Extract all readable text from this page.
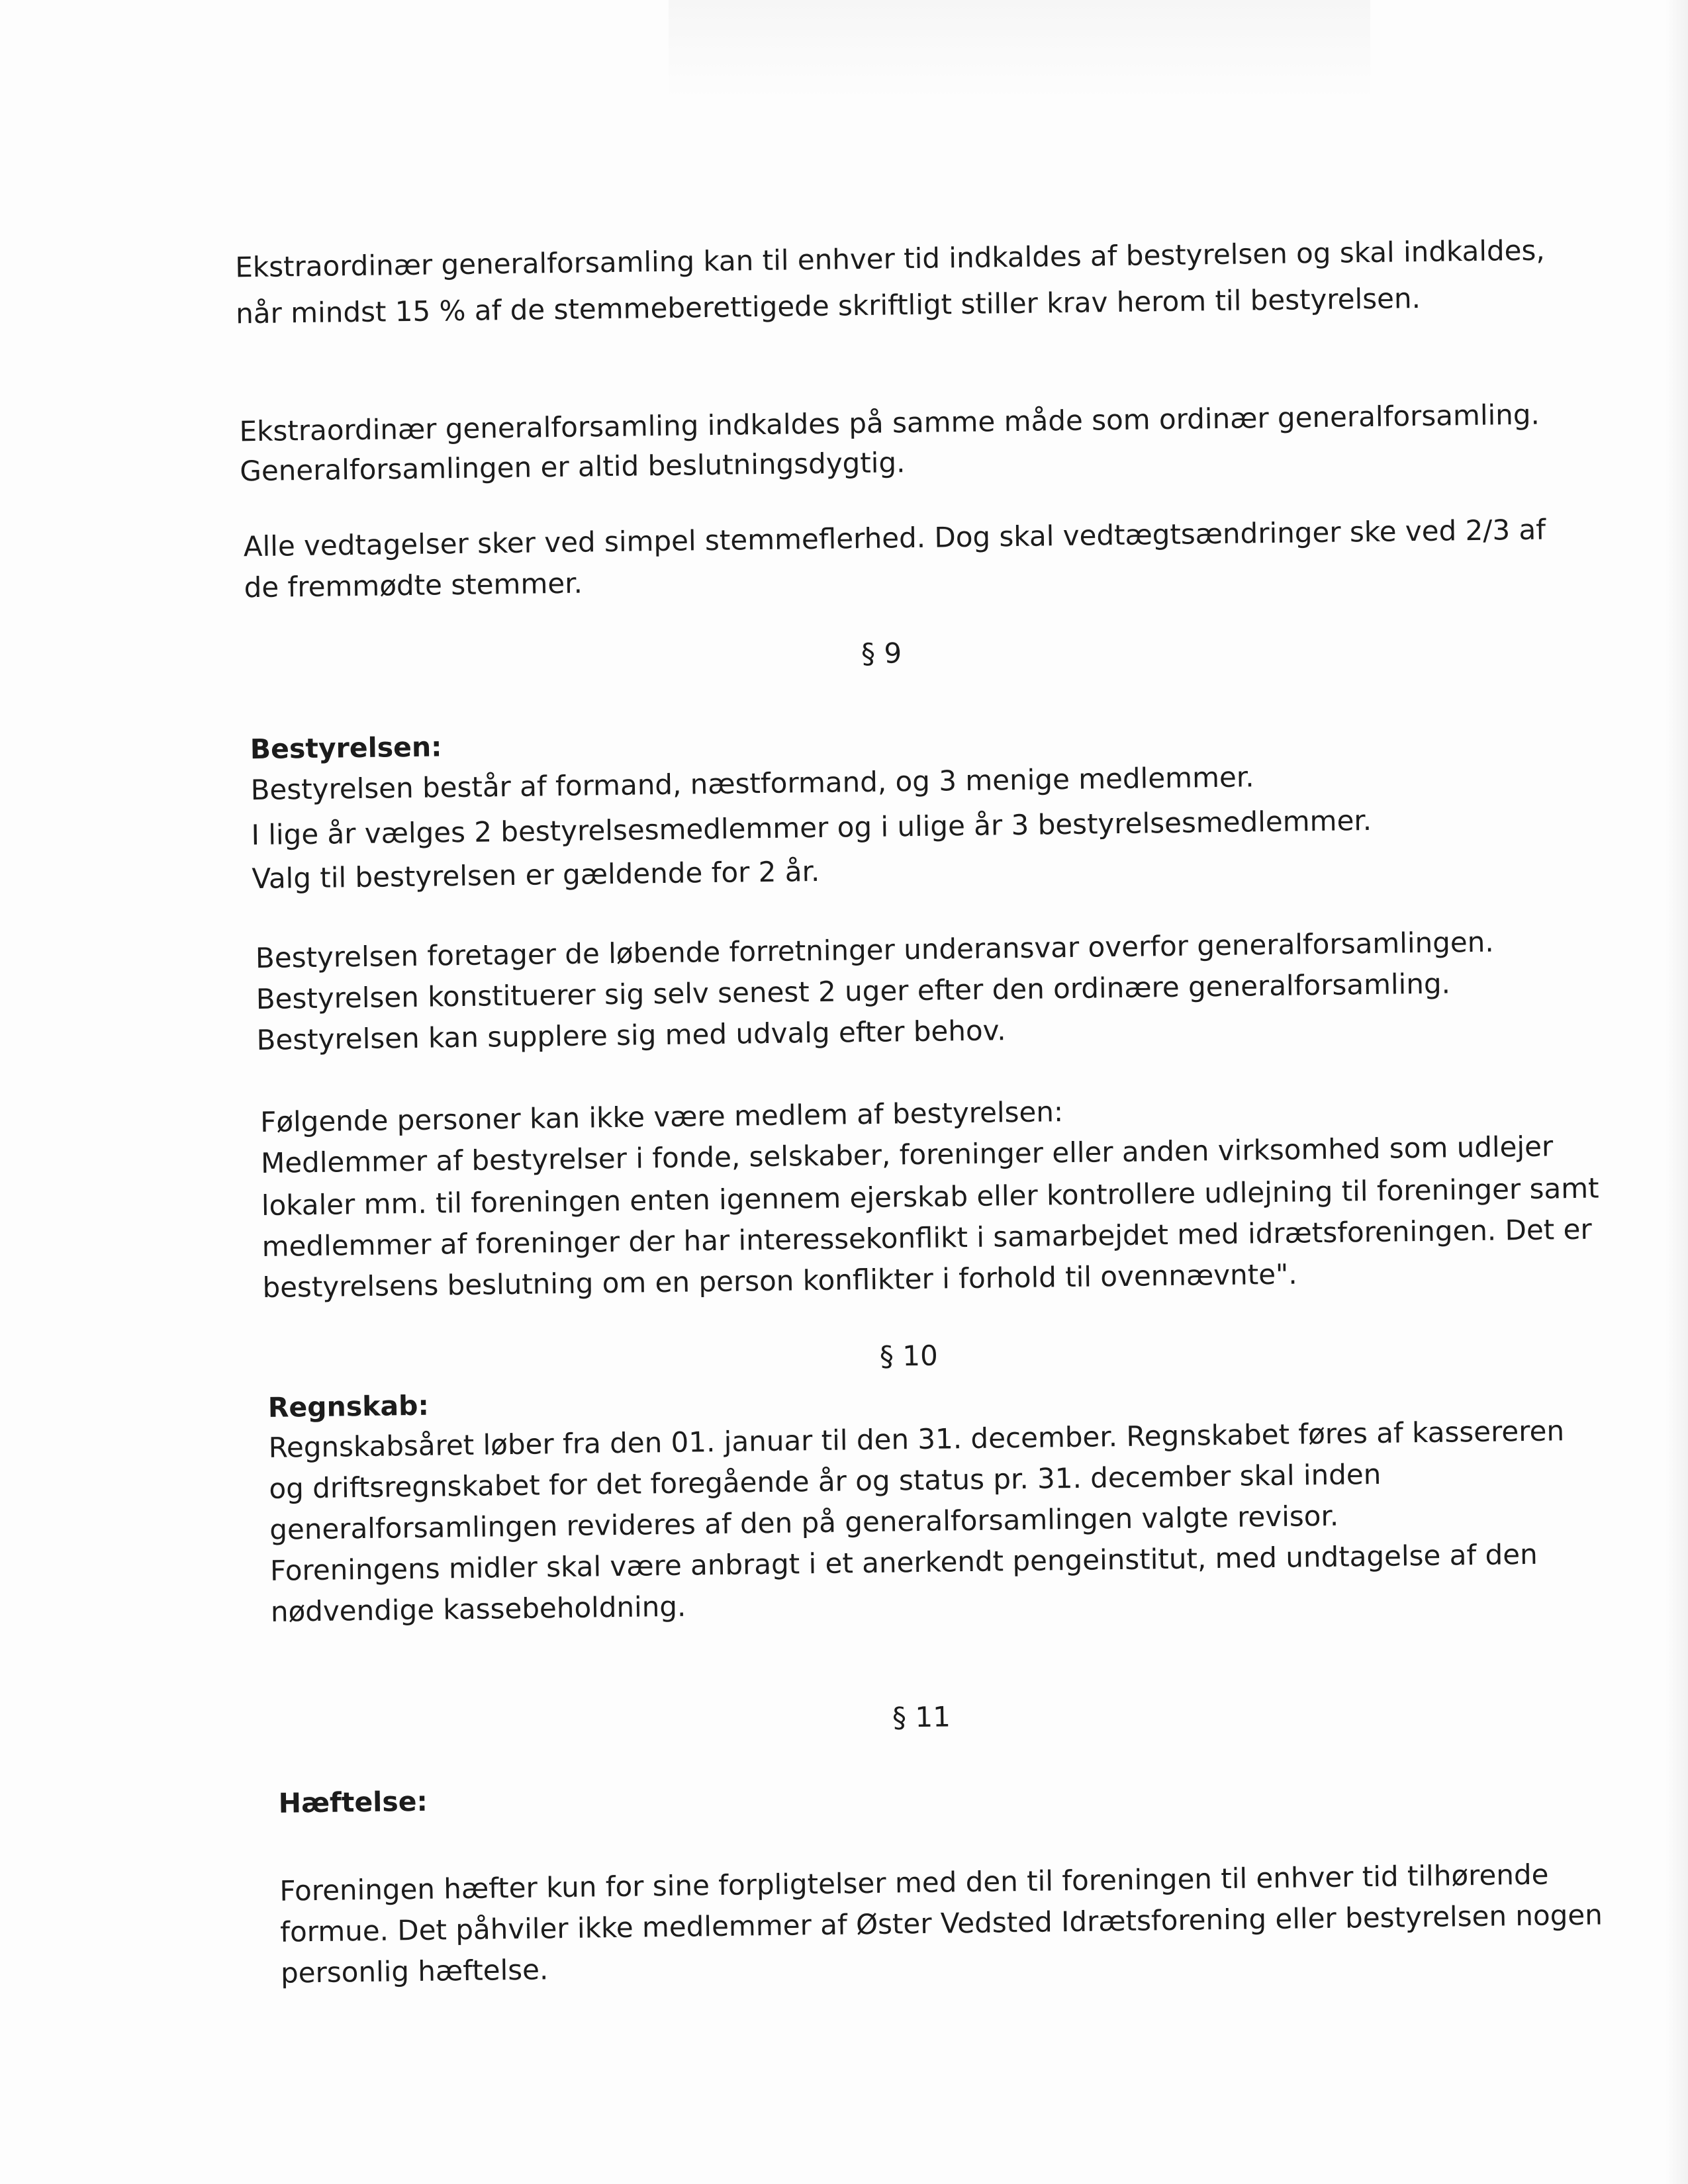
Ekstraordinær generalforsamling kan til enhver tid indkaldes af bestyrelsen og skal indkaldes,
når mindst 15 % af de stemmeberettigede skriftligt stiller krav herom til bestyrelsen.
Ekstraordinær generalforsamling indkaldes på samme måde som ordinær generalforsamling.
Generalforsamlingen er altid beslutningsdygtig.
Alle vedtagelser sker ved simpel stemmeflerhed. Dog skal vedtægtsændringer ske ved 2/3 af
de fremmødte stemmer.
§ 9
Bestyrelsen:
Bestyrelsen består af formand, næstformand, og 3 menige medlemmer.
I lige år vælges 2 bestyrelsesmedlemmer og i ulige år 3 bestyrelsesmedlemmer.
Valg til bestyrelsen er gældende for 2 år.
Bestyrelsen foretager de løbende forretninger underansvar overfor generalforsamlingen.
Bestyrelsen konstituerer sig selv senest 2 uger efter den ordinære generalforsamling.
Bestyrelsen kan supplere sig med udvalg efter behov.
Følgende personer kan ikke være medlem af bestyrelsen:
Medlemmer af bestyrelser i fonde, selskaber, foreninger eller anden virksomhed som udlejer
lokaler mm. til foreningen enten igennem ejerskab eller kontrollere udlejning til foreninger samt
medlemmer af foreninger der har interessekonflikt i samarbejdet med idrætsforeningen. Det er
bestyrelsens beslutning om en person konflikter i forhold til ovennævnte".
§ 10
Regnskab:
Regnskabsåret løber fra den 01. januar til den 31. december. Regnskabet føres af kassereren
og driftsregnskabet for det foregående år og status pr. 31. december skal inden
generalforsamlingen revideres af den på generalforsamlingen valgte revisor.
Foreningens midler skal være anbragt i et anerkendt pengeinstitut, med undtagelse af den
nødvendige kassebeholdning.
§ 11
Hæftelse:
Foreningen hæfter kun for sine forpligtelser med den til foreningen til enhver tid tilhørende
formue. Det påhviler ikke medlemmer af Øster Vedsted Idrætsforening eller bestyrelsen nogen
personlig hæftelse.
